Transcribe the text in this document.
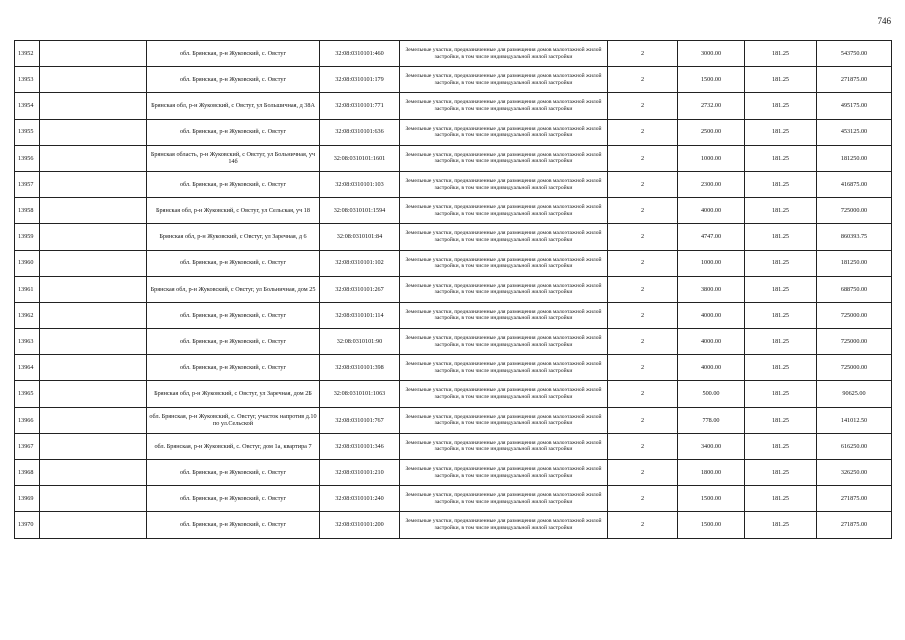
746
13952		обл. Брянская, р-н Жуковский, с. Овстуг	32:08:0310101:460	Земельные участки, предназначенные для размещения домов малоэтажной жилой застройки, в том числе индивидуальной жилой застройки	2	3000.00	181.25	543750.00
13953		обл. Брянская, р-н Жуковский, с. Овстуг	32:08:0310101:179	Земельные участки, предназначенные для размещения домов малоэтажной жилой застройки, в том числе индивидуальной жилой застройки	2	1500.00	181.25	271875.00
13954		Брянская обл, р-н Жуковский, с Овстуг, ул Большичная, д 38А	32:08:0310101:771	Земельные участки, предназначенные для размещения домов малоэтажной жилой застройки, в том числе индивидуальной жилой застройки	2	2732.00	181.25	495175.00
13955		обл. Брянская, р-н Жуковский, с. Овстуг	32:08:0310101:636	Земельные участки, предназначенные для размещения домов малоэтажной жилой застройки, в том числе индивидуальной жилой застройки	2	2500.00	181.25	453125.00
13956		Брянская область, р-н Жуковский, с Овстуг, ул Больничная, уч 14б	32:08:0310101:1601	Земельные участки, предназначенные для размещения домов малоэтажной жилой застройки, в том числе индивидуальной жилой застройки	2	1000.00	181.25	181250.00
13957		обл. Брянская, р-н Жуковский, с. Овстуг	32:08:0310101:103	Земельные участки, предназначенные для размещения домов малоэтажной жилой застройки, в том числе индивидуальной жилой застройки	2	2300.00	181.25	416875.00
13958		Брянская обл, р-н Жуковский, с Овстуг, ул Сельская, уч 18	32:08:0310101:1594	Земельные участки, предназначенные для размещения домов малоэтажной жилой застройки, в том числе индивидуальной жилой застройки	2	4000.00	181.25	725000.00
13959		Брянская обл, р-н Жуковский, с Овстуг, ул Заречная, д 6	32:08:0310101:84	Земельные участки, предназначенные для размещения домов малоэтажной жилой застройки, в том числе индивидуальной жилой застройки	2	4747.00	181.25	860393.75
13960		обл. Брянская, р-н Жуковский, с. Овстуг	32:08:0310101:102	Земельные участки, предназначенные для размещения домов малоэтажной жилой застройки, в том числе индивидуальной жилой застройки	2	1000.00	181.25	181250.00
13961		Брянская обл, р-н Жуковский, с Овстуг, ул Больничная, дом 25	32:08:0310101:267	Земельные участки, предназначенные для размещения домов малоэтажной жилой застройки, в том числе индивидуальной жилой застройки	2	3800.00	181.25	688750.00
13962		обл. Брянская, р-н Жуковский, с. Овстуг	32:08:0310101:114	Земельные участки, предназначенные для размещения домов малоэтажной жилой застройки, в том числе индивидуальной жилой застройки	2	4000.00	181.25	725000.00
13963		обл. Брянская, р-н Жуковский, с. Овстуг	32:08:0310101:90	Земельные участки, предназначенные для размещения домов малоэтажной жилой застройки, в том числе индивидуальной жилой застройки	2	4000.00	181.25	725000.00
13964		обл. Брянская, р-н Жуковский, с. Овстуг	32:08:0310101:398	Земельные участки, предназначенные для размещения домов малоэтажной жилой застройки, в том числе индивидуальной жилой застройки	2	4000.00	181.25	725000.00
13965		Брянская обл, р-н Жуковский, с Овстуг, ул Заречная, дом 2Б	32:08:0310101:1063	Земельные участки, предназначенные для размещения домов малоэтажной жилой застройки, в том числе индивидуальной жилой застройки	2	500.00	181.25	90625.00
13966		обл. Брянская, р-н Жуковский, с. Овстуг, участок напротив д.10 по ул.Сельской	32:08:0310101:767	Земельные участки, предназначенные для размещения домов малоэтажной жилой застройки, в том числе индивидуальной жилой застройки	2	778.00	181.25	141012.50
13967		обл. Брянская, р-н Жуковский, с. Овстуг, дом 1а, квартира 7	32:08:0310101:346	Земельные участки, предназначенные для размещения домов малоэтажной жилой застройки, в том числе индивидуальной жилой застройки	2	3400.00	181.25	616250.00
13968		обл. Брянская, р-н Жуковский, с. Овстуг	32:08:0310101:210	Земельные участки, предназначенные для размещения домов малоэтажной жилой застройки, в том числе индивидуальной жилой застройки	2	1800.00	181.25	326250.00
13969		обл. Брянская, р-н Жуковский, с. Овстуг	32:08:0310101:240	Земельные участки, предназначенные для размещения домов малоэтажной жилой застройки, в том числе индивидуальной жилой застройки	2	1500.00	181.25	271875.00
13970		обл. Брянская, р-н Жуковский, с. Овстуг	32:08:0310101:200	Земельные участки, предназначенные для размещения домов малоэтажной жилой застройки, в том числе индивидуальной жилой застройки	2	1500.00	181.25	271875.00
